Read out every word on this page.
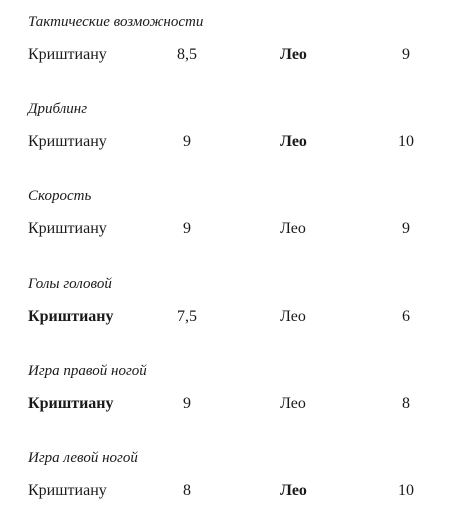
Тактические возможности
Криштиану	8,5	Лео	9
Дриблинг
Криштиану	9	Лео	10
Скорость
Криштиану	9	Лео	9
Голы головой
Криштиану	7,5	Лео	6
Игра правой ногой
Криштиану	9	Лео	8
Игра левой ногой
Криштиану	8	Лео	10
